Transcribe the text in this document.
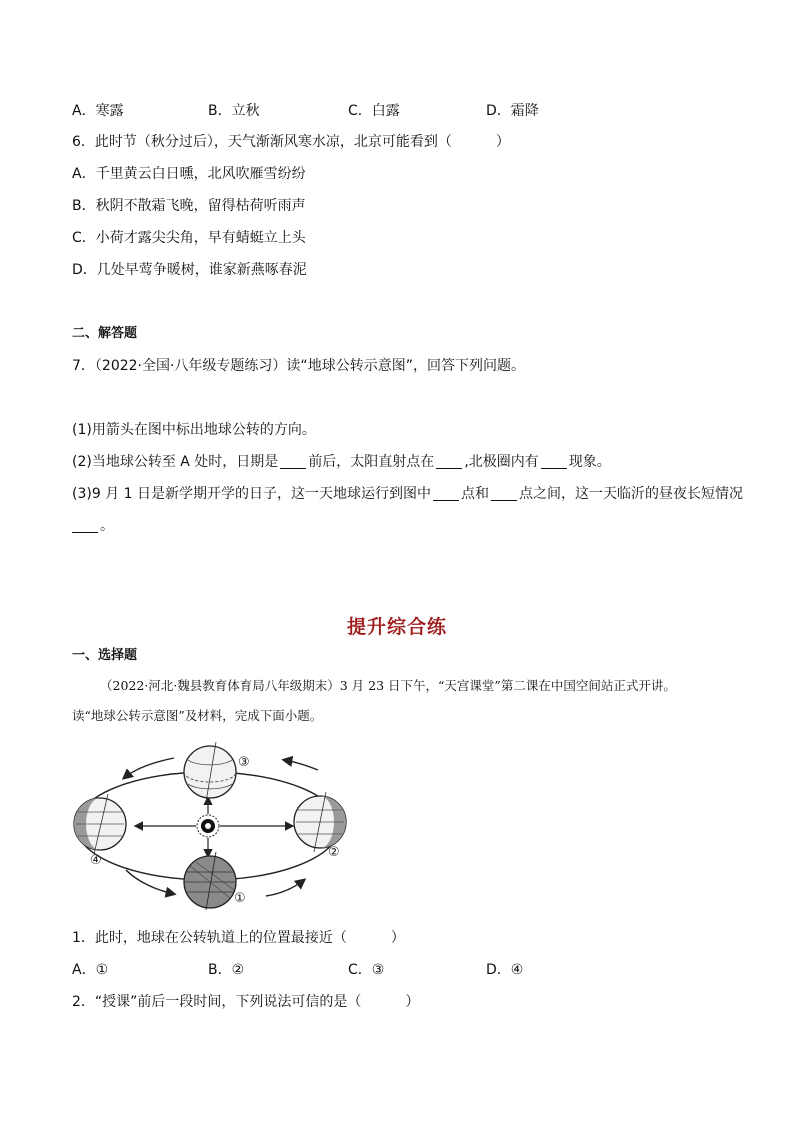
A．寒露	B．立秋	C．白露	D．霜降
6．此时节（秋分过后），天气渐渐风寒水凉，北京可能看到（	）
A．千里黄云白日曛，北风吹雁雪纷纷
B．秋阴不散霜飞晚，留得枯荷听雨声
C．小荷才露尖尖角，早有蜻蜓立上头
D．几处早莺争暖树，谁家新燕啄春泥
二、解答题
7．（2022·全国·八年级专题练习）读“地球公转示意图”，回答下列问题。
(1)用箭头在图中标出地球公转的方向。
(2)当地球公转至 A 处时，日期是 前后，太阳直射点在 ,北极圈内有 现象。
(3)9 月 1 日是新学期开学的日子，这一天地球运行到图中 点和 点之间，这一天临沂的昼夜长短情况
。
提升综合练
一、选择题
（2022·河北·魏县教育体育局八年级期末）3 月 23 日下午，“天宫课堂”第二课在中国空间站正式开讲。
读“地球公转示意图”及材料，完成下面小题。
③
②
①
④
1．此时，地球在公转轨道上的位置最接近（	）
A．①	B．②	C．③	D．④
2．“授课”前后一段时间，下列说法可信的是（	）
